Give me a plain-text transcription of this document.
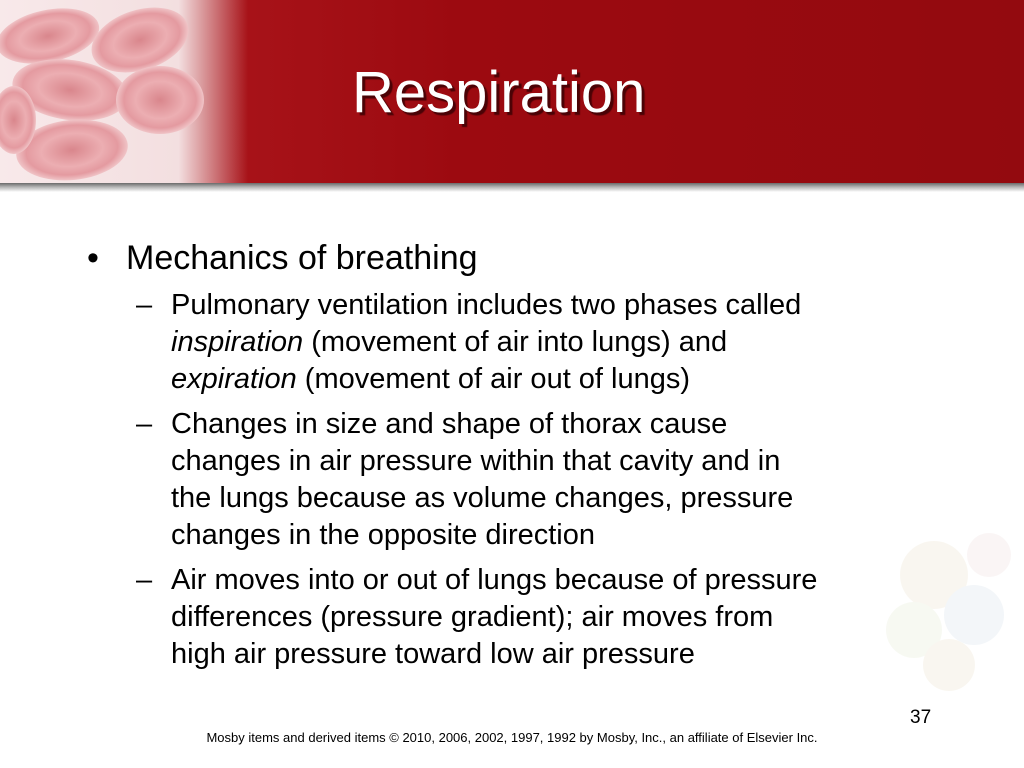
Respiration
• Mechanics of breathing
– Pulmonary ventilation includes two phases called
inspiration (movement of air into lungs) and
expiration (movement of air out of lungs)
– Changes in size and shape of thorax cause
changes in air pressure within that cavity and in
the lungs because as volume changes, pressure
changes in the opposite direction
– Air moves into or out of lungs because of pressure
differences (pressure gradient); air moves from
high air pressure toward low air pressure
37
Mosby items and derived items © 2010, 2006, 2002, 1997, 1992 by Mosby, Inc., an affiliate of Elsevier Inc.
